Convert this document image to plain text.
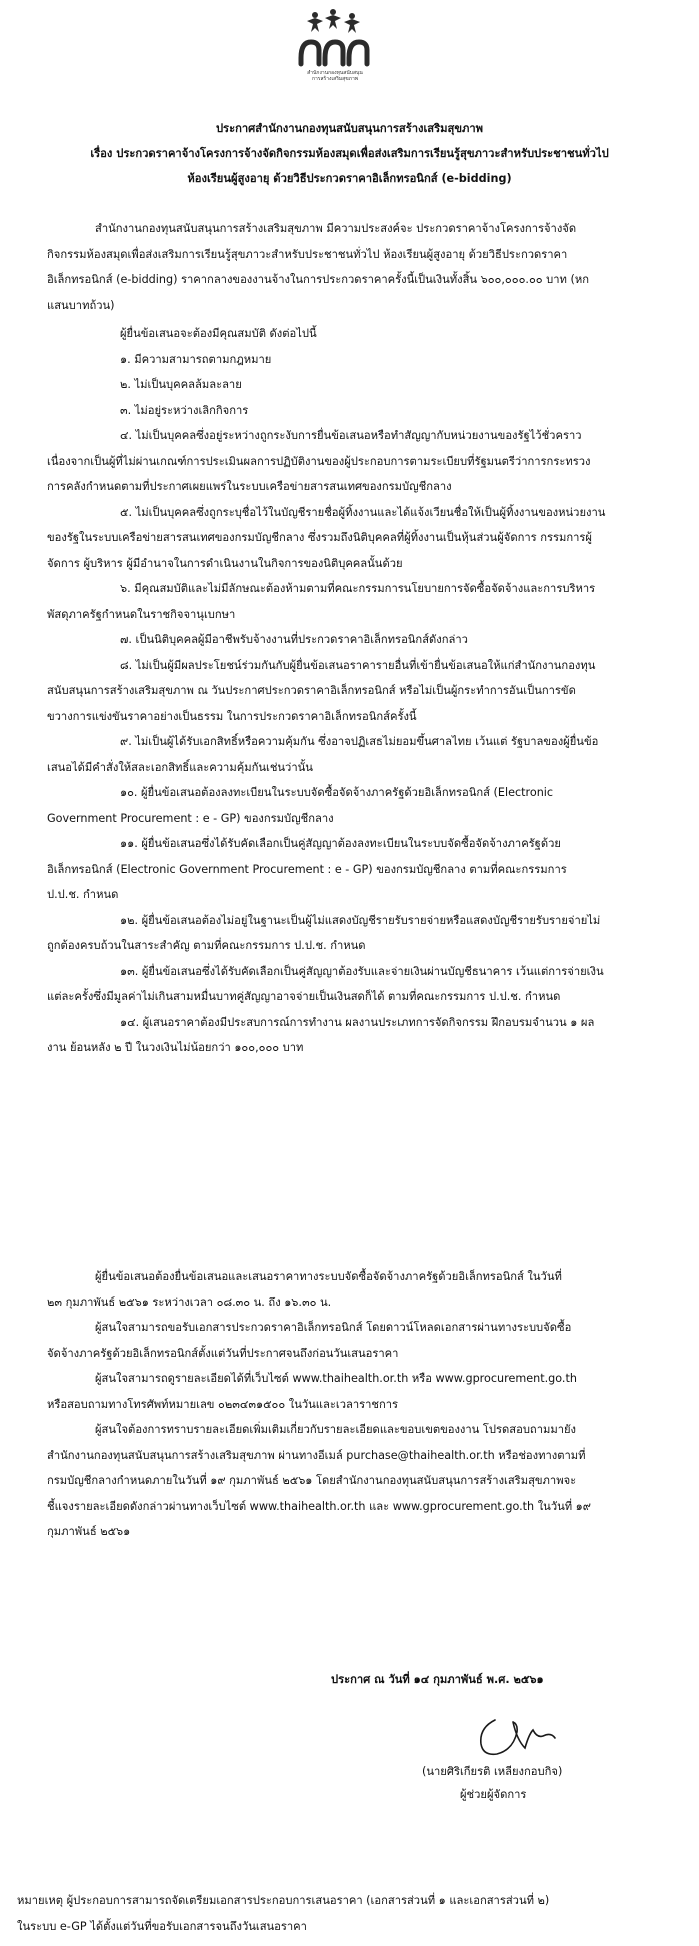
สำนักงานกองทุนสนับสนุน
การสร้างเสริมสุขภาพ
ประกาศสำนักงานกองทุนสนับสนุนการสร้างเสริมสุขภาพ
เรื่อง ประกวดราคาจ้างโครงการจ้างจัดกิจกรรมห้องสมุดเพื่อส่งเสริมการเรียนรู้สุขภาวะสำหรับประชาชนทั่วไป
ห้องเรียนผู้สูงอายุ ด้วยวิธีประกวดราคาอิเล็กทรอนิกส์ (e-bidding)
สำนักงานกองทุนสนับสนุนการสร้างเสริมสุขภาพ มีความประสงค์จะ ประกวดราคาจ้างโครงการจ้างจัด
กิจกรรมห้องสมุดเพื่อส่งเสริมการเรียนรู้สุขภาวะสำหรับประชาชนทั่วไป ห้องเรียนผู้สูงอายุ ด้วยวิธีประกวดราคา
อิเล็กทรอนิกส์ (e-bidding) ราคากลางของงานจ้างในการประกวดราคาครั้งนี้เป็นเงินทั้งสิ้น ๖๐๐,๐๐๐.๐๐ บาท (หก
แสนบาทถ้วน)
ผู้ยื่นข้อเสนอจะต้องมีคุณสมบัติ ดังต่อไปนี้
๑. มีความสามารถตามกฎหมาย
๒. ไม่เป็นบุคคลล้มละลาย
๓. ไม่อยู่ระหว่างเลิกกิจการ
๔. ไม่เป็นบุคคลซึ่งอยู่ระหว่างถูกระงับการยื่นข้อเสนอหรือทำสัญญากับหน่วยงานของรัฐไว้ชั่วคราว
เนื่องจากเป็นผู้ที่ไม่ผ่านเกณฑ์การประเมินผลการปฏิบัติงานของผู้ประกอบการตามระเบียบที่รัฐมนตรีว่าการกระทรวง
การคลังกำหนดตามที่ประกาศเผยแพร่ในระบบเครือข่ายสารสนเทศของกรมบัญชีกลาง
๕. ไม่เป็นบุคคลซึ่งถูกระบุชื่อไว้ในบัญชีรายชื่อผู้ทิ้งงานและได้แจ้งเวียนชื่อให้เป็นผู้ทิ้งงานของหน่วยงาน
ของรัฐในระบบเครือข่ายสารสนเทศของกรมบัญชีกลาง ซึ่งรวมถึงนิติบุคคลที่ผู้ทิ้งงานเป็นหุ้นส่วนผู้จัดการ กรรมการผู้
จัดการ ผู้บริหาร ผู้มีอำนาจในการดำเนินงานในกิจการของนิติบุคคลนั้นด้วย
๖. มีคุณสมบัติและไม่มีลักษณะต้องห้ามตามที่คณะกรรมการนโยบายการจัดซื้อจัดจ้างและการบริหาร
พัสดุภาครัฐกำหนดในราชกิจจานุเบกษา
๗. เป็นนิติบุคคลผู้มีอาชีพรับจ้างงานที่ประกวดราคาอิเล็กทรอนิกส์ดังกล่าว
๘. ไม่เป็นผู้มีผลประโยชน์ร่วมกันกับผู้ยื่นข้อเสนอราคารายอื่นที่เข้ายื่นข้อเสนอให้แก่สำนักงานกองทุน
สนับสนุนการสร้างเสริมสุขภาพ ณ วันประกาศประกวดราคาอิเล็กทรอนิกส์ หรือไม่เป็นผู้กระทำการอันเป็นการขัด
ขวางการแข่งขันราคาอย่างเป็นธรรม ในการประกวดราคาอิเล็กทรอนิกส์ครั้งนี้
๙. ไม่เป็นผู้ได้รับเอกสิทธิ์หรือความคุ้มกัน ซึ่งอาจปฏิเสธไม่ยอมขึ้นศาลไทย เว้นแต่ รัฐบาลของผู้ยื่นข้อ
เสนอได้มีคำสั่งให้สละเอกสิทธิ์และความคุ้มกันเช่นว่านั้น
๑๐. ผู้ยื่นข้อเสนอต้องลงทะเบียนในระบบจัดซื้อจัดจ้างภาครัฐด้วยอิเล็กทรอนิกส์ (Electronic
Government Procurement : e - GP) ของกรมบัญชีกลาง
๑๑. ผู้ยื่นข้อเสนอซึ่งได้รับคัดเลือกเป็นคู่สัญญาต้องลงทะเบียนในระบบจัดซื้อจัดจ้างภาครัฐด้วย
อิเล็กทรอนิกส์ (Electronic Government Procurement : e - GP) ของกรมบัญชีกลาง ตามที่คณะกรรมการ
ป.ป.ช. กำหนด
๑๒. ผู้ยื่นข้อเสนอต้องไม่อยู่ในฐานะเป็นผู้ไม่แสดงบัญชีรายรับรายจ่ายหรือแสดงบัญชีรายรับรายจ่ายไม่
ถูกต้องครบถ้วนในสาระสำคัญ ตามที่คณะกรรมการ ป.ป.ช. กำหนด
๑๓. ผู้ยื่นข้อเสนอซึ่งได้รับคัดเลือกเป็นคู่สัญญาต้องรับและจ่ายเงินผ่านบัญชีธนาคาร เว้นแต่การจ่ายเงิน
แต่ละครั้งซึ่งมีมูลค่าไม่เกินสามหมื่นบาทคู่สัญญาอาจจ่ายเป็นเงินสดก็ได้ ตามที่คณะกรรมการ ป.ป.ช. กำหนด
๑๔. ผู้เสนอราคาต้องมีประสบการณ์การทำงาน ผลงานประเภทการจัดกิจกรรม ฝึกอบรมจำนวน ๑ ผล
งาน ย้อนหลัง ๒ ปี ในวงเงินไม่น้อยกว่า ๑๐๐,๐๐๐ บาท
ผู้ยื่นข้อเสนอต้องยื่นข้อเสนอและเสนอราคาทางระบบจัดซื้อจัดจ้างภาครัฐด้วยอิเล็กทรอนิกส์ ในวันที่
๒๓ กุมภาพันธ์ ๒๕๖๑ ระหว่างเวลา ๐๘.๓๐ น. ถึง ๑๖.๓๐ น.
ผู้สนใจสามารถขอรับเอกสารประกวดราคาอิเล็กทรอนิกส์ โดยดาวน์โหลดเอกสารผ่านทางระบบจัดซื้อ
จัดจ้างภาครัฐด้วยอิเล็กทรอนิกส์ตั้งแต่วันที่ประกาศจนถึงก่อนวันเสนอราคา
ผู้สนใจสามารถดูรายละเอียดได้ที่เว็บไซต์ www.thaihealth.or.th หรือ www.gprocurement.go.th
หรือสอบถามทางโทรศัพท์หมายเลข ๐๒๓๔๓๑๕๐๐ ในวันและเวลาราชการ
ผู้สนใจต้องการทราบรายละเอียดเพิ่มเติมเกี่ยวกับรายละเอียดและขอบเขตของงาน โปรดสอบถามมายัง
สำนักงานกองทุนสนับสนุนการสร้างเสริมสุขภาพ ผ่านทางอีเมล์ purchase@thaihealth.or.th หรือช่องทางตามที่
กรมบัญชีกลางกำหนดภายในวันที่ ๑๙ กุมภาพันธ์ ๒๕๖๑ โดยสำนักงานกองทุนสนับสนุนการสร้างเสริมสุขภาพจะ
ชี้แจงรายละเอียดดังกล่าวผ่านทางเว็บไซต์ www.thaihealth.or.th และ www.gprocurement.go.th ในวันที่ ๑๙
กุมภาพันธ์ ๒๕๖๑
ประกาศ ณ วันที่ ๑๔ กุมภาพันธ์ พ.ศ. ๒๕๖๑
(นายศิริเกียรติ เหลียงกอบกิจ)
ผู้ช่วยผู้จัดการ
หมายเหตุ ผู้ประกอบการสามารถจัดเตรียมเอกสารประกอบการเสนอราคา (เอกสารส่วนที่ ๑ และเอกสารส่วนที่ ๒)
ในระบบ e-GP ได้ตั้งแต่วันที่ขอรับเอกสารจนถึงวันเสนอราคา
